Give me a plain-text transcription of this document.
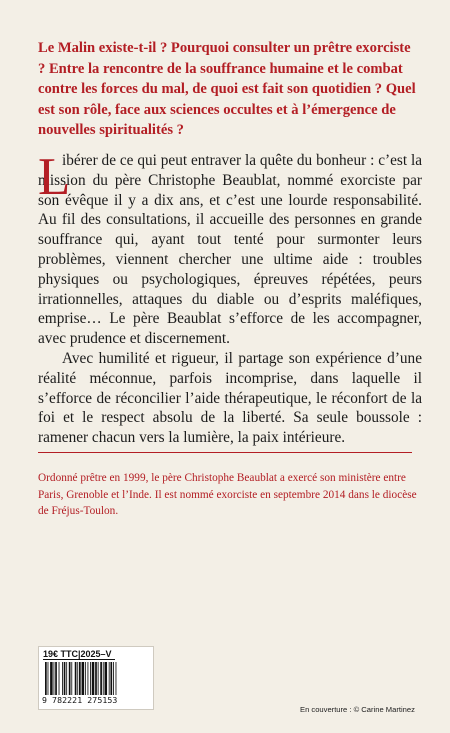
Le Malin existe-t-il ? Pourquoi consulter un prêtre exorciste ? Entre la rencontre de la souffrance humaine et le combat contre les forces du mal, de quoi est fait son quotidien ? Quel est son rôle, face aux sciences occultes et à l’émergence de nouvelles spiritualités ?

L

ibérer de ce qui peut entraver la quête du bonheur : c’est la mission du père Christophe Beaublat, nommé exorciste par son évêque il y a dix ans, et c’est une lourde responsabilité. Au fil des consultations, il accueille des personnes en grande souffrance qui, ayant tout tenté pour surmonter leurs problèmes, viennent chercher une ultime aide : troubles physiques ou psychologiques, épreuves répétées, peurs irrationnelles, attaques du diable ou d’esprits maléfiques, emprise… Le père Beaublat s’efforce de les accompagner, avec prudence et discernement.

Avec humilité et rigueur, il partage son expérience d’une réalité méconnue, parfois incomprise, dans laquelle il s’efforce de réconcilier l’aide thérapeutique, le réconfort de la foi et le respect absolu de la liberté. Sa seule boussole : ramener chacun vers la lumière, la paix intérieure.

Ordonné prêtre en 1999, le père Christophe Beaublat a exercé son ministère entre Paris, Grenoble et l’Inde. Il est nommé exorciste en septembre 2014 dans le diocèse de Fréjus-Toulon.

19€ TTC|2025–V
9 782221 275153
En couverture : © Carine Martinez
